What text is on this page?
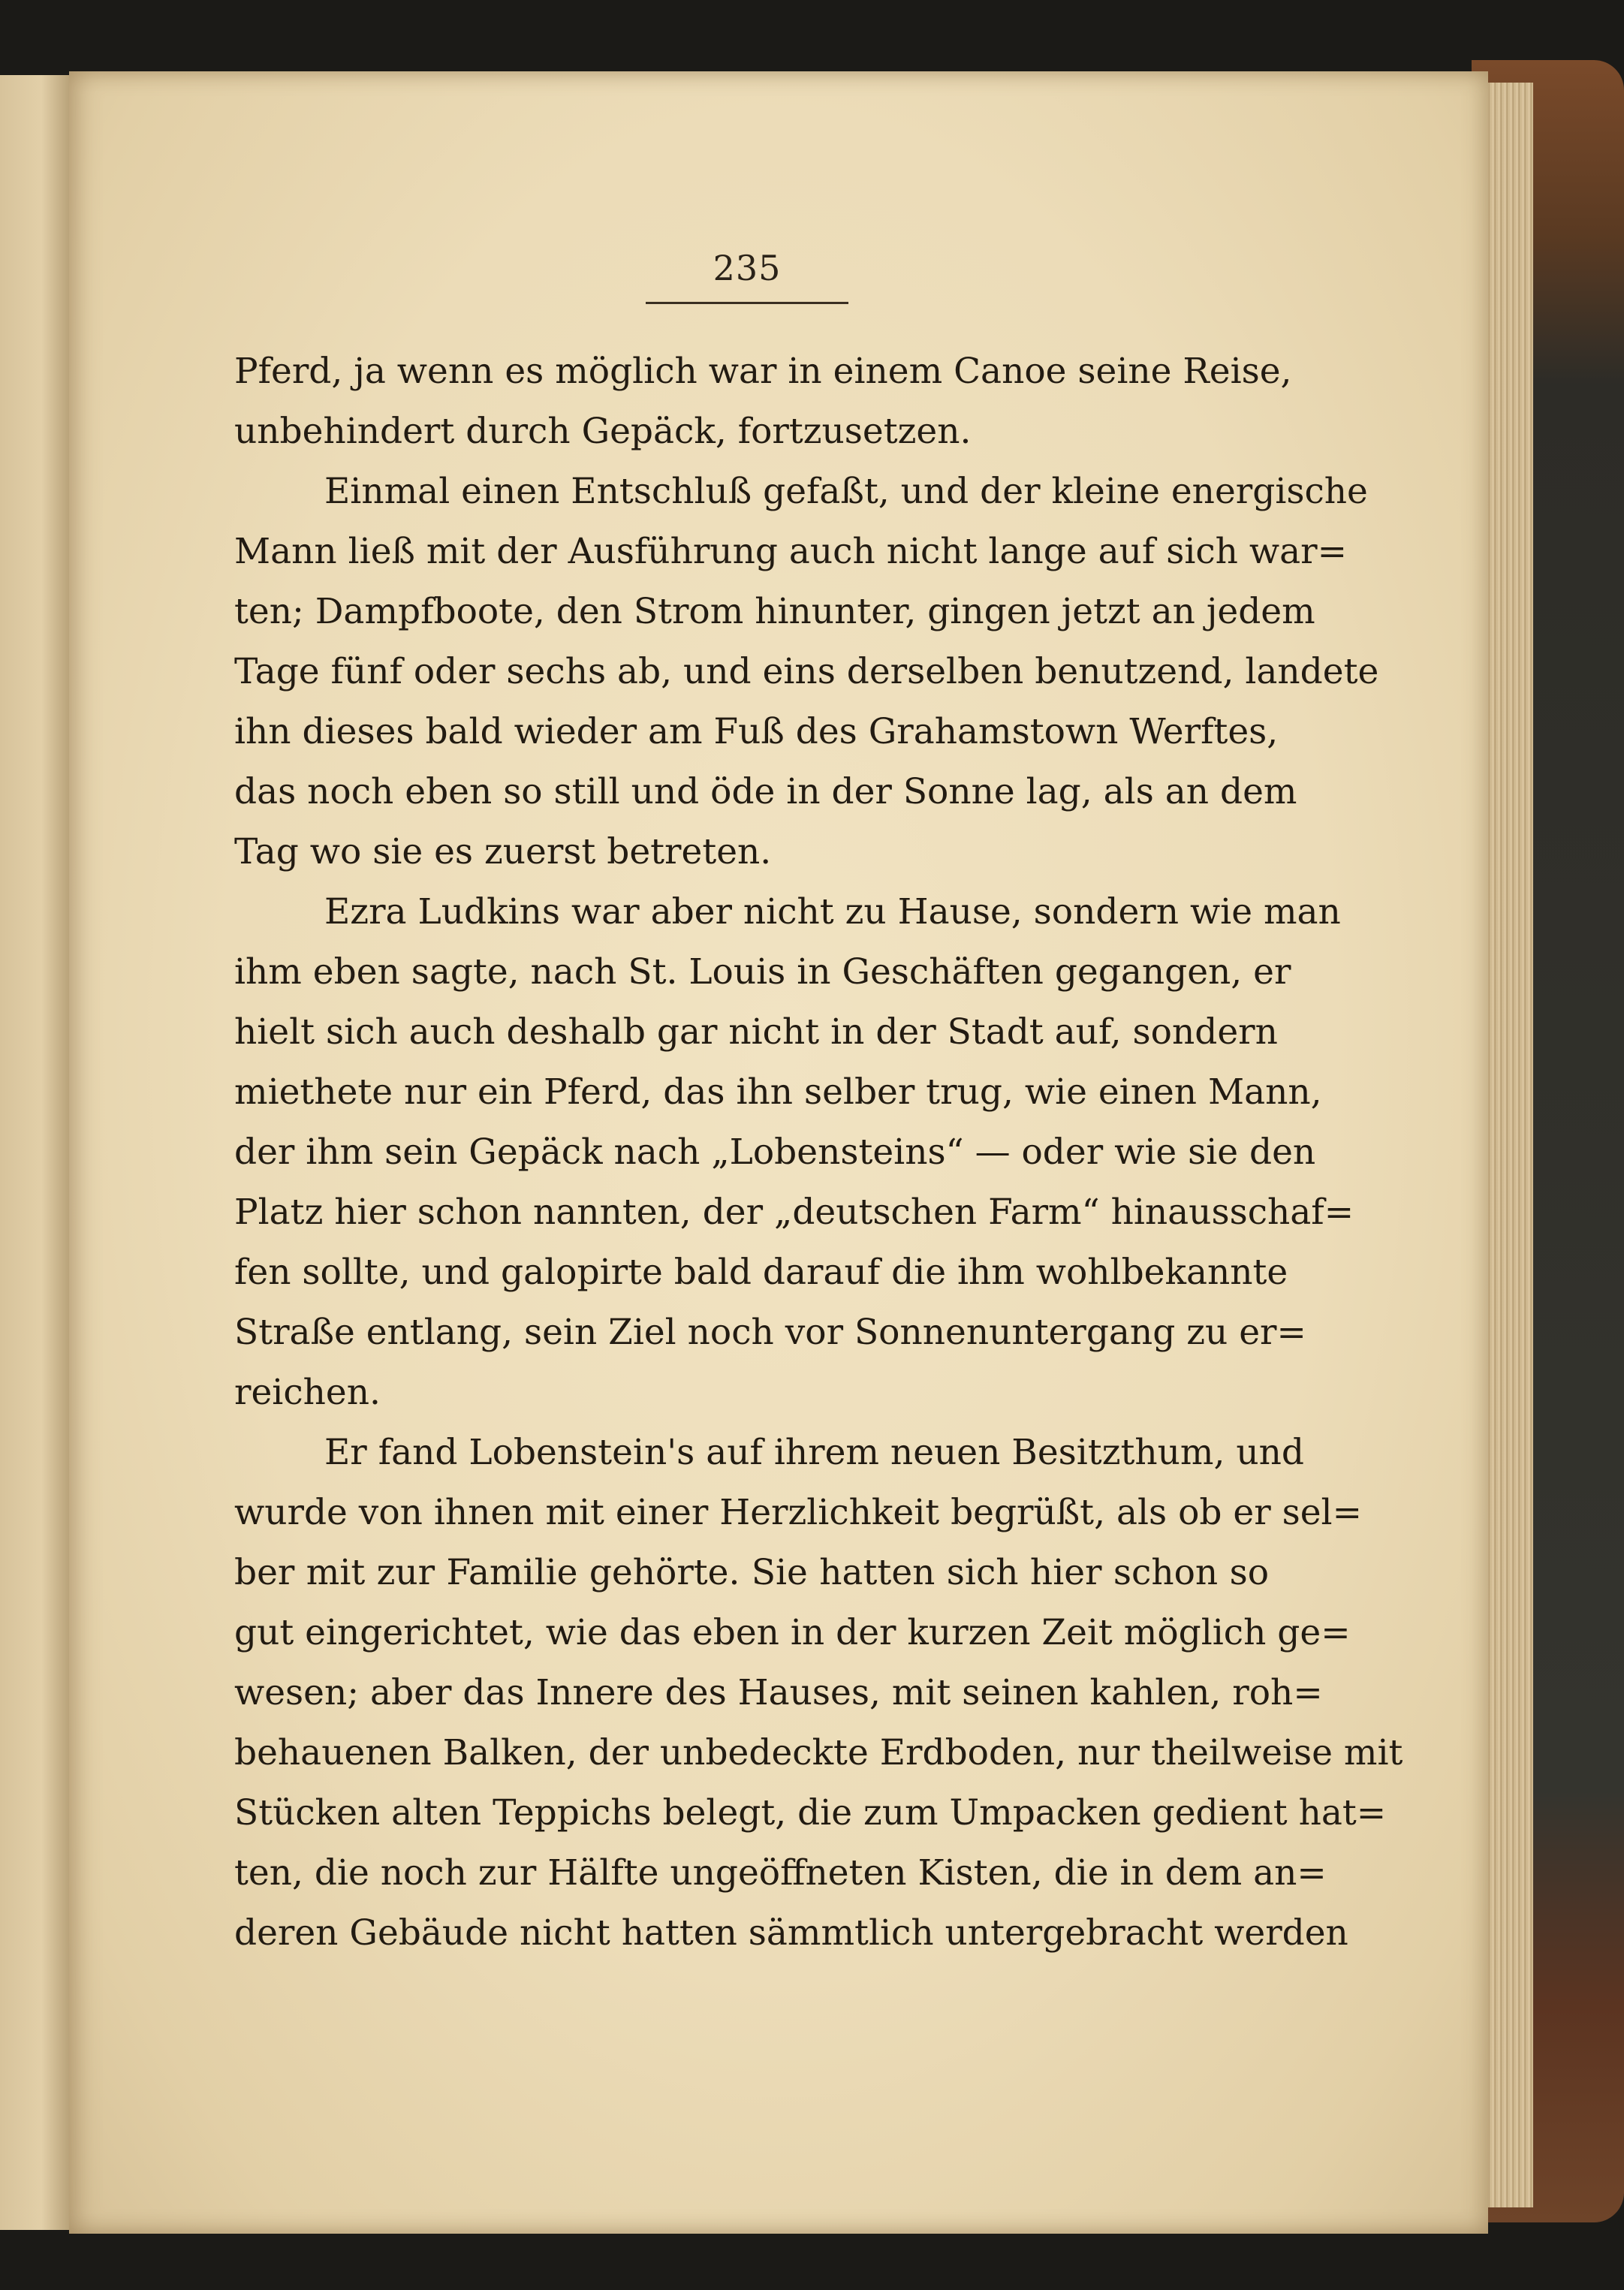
235
Pferd, ja wenn es möglich war in einem Canoe seine Reise,
unbehindert durch Gepäck, fortzusetzen.
Einmal einen Entschluß gefaßt, und der kleine energische
Mann ließ mit der Ausführung auch nicht lange auf sich war=
ten; Dampfboote, den Strom hinunter, gingen jetzt an jedem
Tage fünf oder sechs ab, und eins derselben benutzend, landete
ihn dieses bald wieder am Fuß des Grahamstown Werftes,
das noch eben so still und öde in der Sonne lag, als an dem
Tag wo sie es zuerst betreten.
Ezra Ludkins war aber nicht zu Hause, sondern wie man
ihm eben sagte, nach St. Louis in Geschäften gegangen, er
hielt sich auch deshalb gar nicht in der Stadt auf, sondern
miethete nur ein Pferd, das ihn selber trug, wie einen Mann,
der ihm sein Gepäck nach „Lobensteins“ — oder wie sie den
Platz hier schon nannten, der „deutschen Farm“ hinausschaf=
fen sollte, und galopirte bald darauf die ihm wohlbekannte
Straße entlang, sein Ziel noch vor Sonnenuntergang zu er=
reichen.
Er fand Lobenstein's auf ihrem neuen Besitzthum, und
wurde von ihnen mit einer Herzlichkeit begrüßt, als ob er sel=
ber mit zur Familie gehörte. Sie hatten sich hier schon so
gut eingerichtet, wie das eben in der kurzen Zeit möglich ge=
wesen; aber das Innere des Hauses, mit seinen kahlen, roh=
behauenen Balken, der unbedeckte Erdboden, nur theilweise mit
Stücken alten Teppichs belegt, die zum Umpacken gedient hat=
ten, die noch zur Hälfte ungeöffneten Kisten, die in dem an=
deren Gebäude nicht hatten sämmtlich untergebracht werden
